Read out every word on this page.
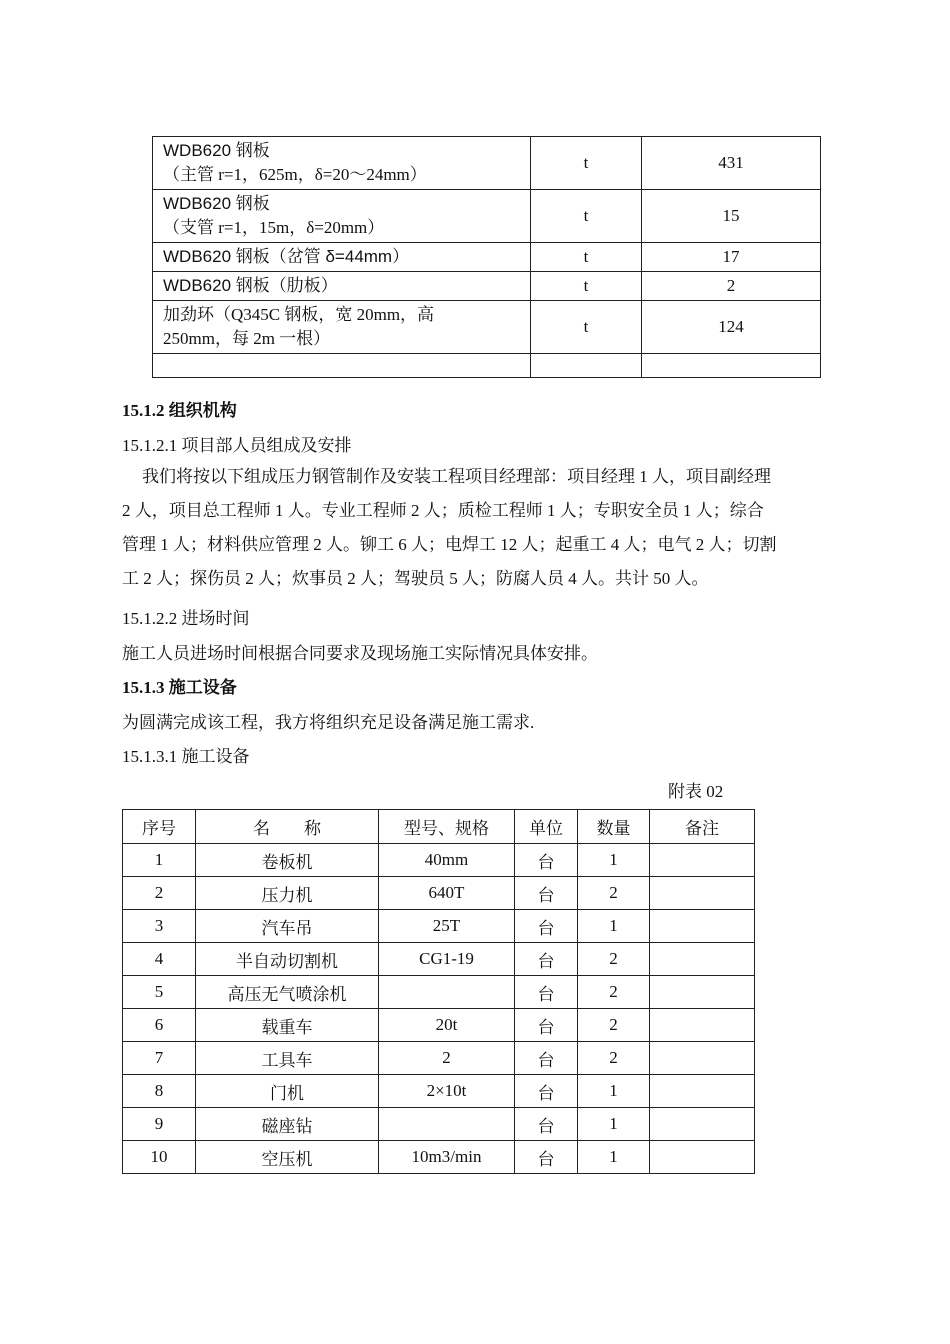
WDB620 钢板
（主管 r=1，625m，δ=20～24mm）	t	431
WDB620 钢板
（支管 r=1，15m，δ=20mm）	t	15
WDB620 钢板（岔管 δ=44mm）	t	17
WDB620 钢板（肋板）	t	2

加劲环（Q345C 钢板，宽 20mm，高
250mm，每 2m 一根）	t	124

15.1.2 组织机构
15.1.2.1 项目部人员组成及安排
我们将按以下组成压力钢管制作及安装工程项目经理部：项目经理 1 人，项目副经理
2 人，项目总工程师 1 人。专业工程师 2 人；质检工程师 1 人；专职安全员 1 人；综合
管理 1 人；材料供应管理 2 人。铆工 6 人；电焊工 12 人；起重工 4 人；电气 2 人；切割
工 2 人；探伤员 2 人；炊事员 2 人；驾驶员 5 人；防腐人员 4 人。共计 50 人。
15.1.2.2 进场时间
施工人员进场时间根据合同要求及现场施工实际情况具体安排。
15.1.3 施工设备
为圆满完成该工程，我方将组织充足设备满足施工需求.
15.1.3.1 施工设备
附表 02
序号	名　　称	型号、规格	单位	数量	备注
1	卷板机	40mm	台	1	
2	压力机	640T	台	2	
3	汽车吊	25T	台	1	
4	半自动切割机	CG1-19	台	2	
5	高压无气喷涂机		台	2	
6	载重车	20t	台	2	
7	工具车	2	台	2	
8	门机	2×10t	台	1	
9	磁座钻		台	1	
10	空压机	10m3/min	台	1	
